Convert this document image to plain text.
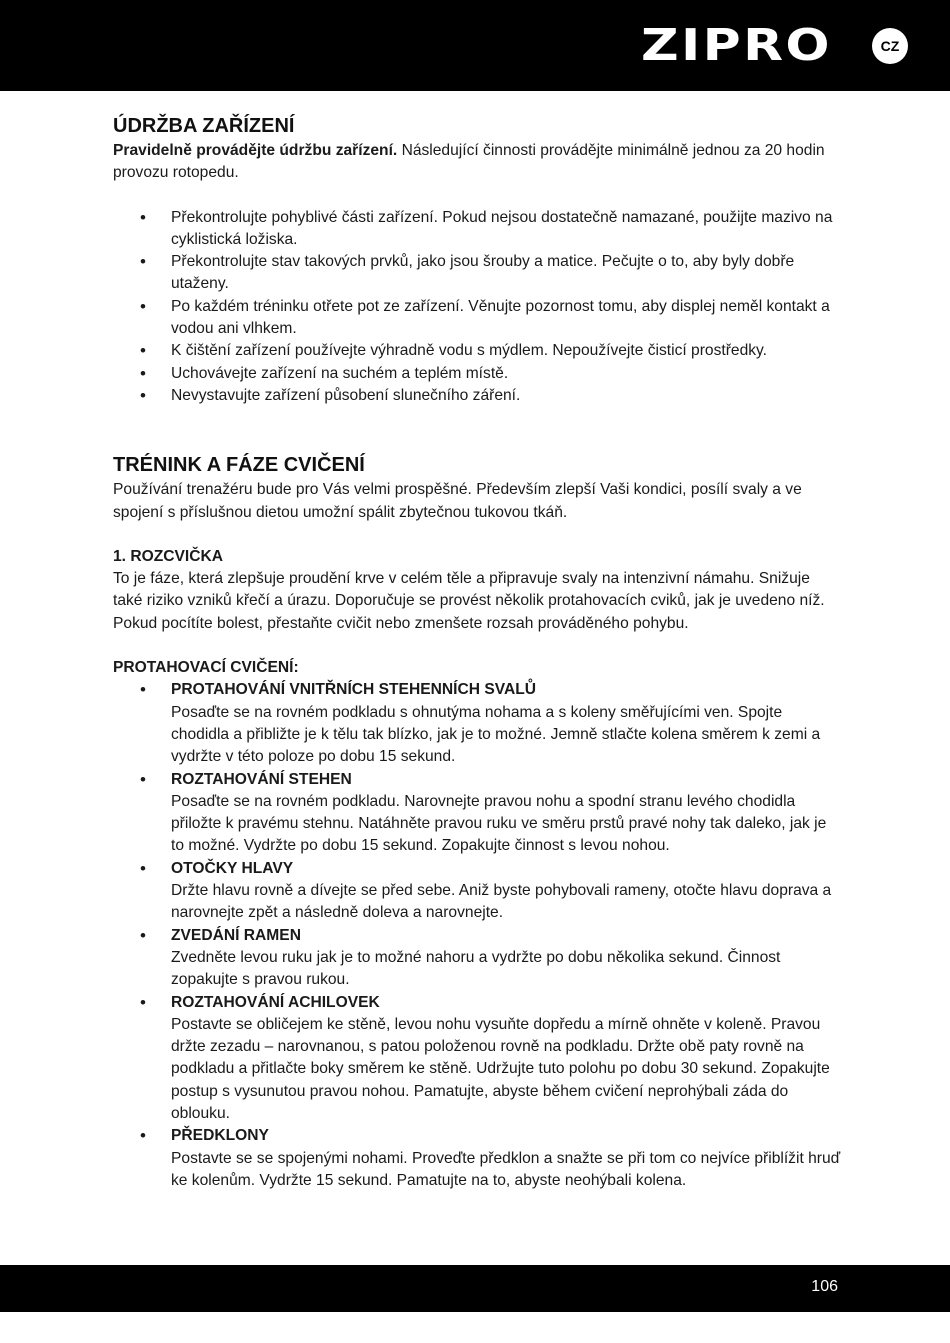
ZIPRO	CZ
ÚDRŽBA ZAŘÍZENÍ

Pravidelně provádějte údržbu zařízení. Následující činnosti provádějte minimálně jednou za 20 hodin provozu rotopedu.

• Překontrolujte pohyblivé části zařízení. Pokud nejsou dostatečně namazané, použijte mazivo na cyklistická ložiska.
• Překontrolujte stav takových prvků, jako jsou šrouby a matice. Pečujte o to, aby byly dobře utaženy.
• Po každém tréninku otřete pot ze zařízení. Věnujte pozornost tomu, aby displej neměl kontakt a vodou ani vlhkem.
• K čištění zařízení používejte výhradně vodu s mýdlem. Nepoužívejte čisticí prostředky.
• Uchovávejte zařízení na suchém a teplém místě.
• Nevystavujte zařízení působení slunečního záření.
TRÉNINK A FÁZE CVIČENÍ

Používání trenažéru bude pro Vás velmi prospěšné. Především zlepší Vaši kondici, posílí svaly a ve spojení s příslušnou dietou umožní spálit zbytečnou tukovou tkáň.

1. ROZCVIČKA

To je fáze, která zlepšuje proudění krve v celém těle a připravuje svaly na intenzivní námahu. Snižuje také riziko vzniků křečí a úrazu. Doporučuje se provést několik protahovacích cviků, jak je uvedeno níž. Pokud pocítíte bolest, přestaňte cvičit nebo zmenšete rozsah prováděného pohybu.

PROTAHOVACÍ CVIČENÍ:

• PROTAHOVÁNÍ VNITŘNÍCH STEHENNÍCH SVALŮ
Posaďte se na rovném podkladu s ohnutýma nohama a s koleny směřujícími ven. Spojte chodidla a přibližte je k tělu tak blízko, jak je to možné. Jemně stlačte kolena směrem k zemi a vydržte v této poloze po dobu 15 sekund.
• ROZTAHOVÁNÍ STEHEN
Posaďte se na rovném podkladu. Narovnejte pravou nohu a spodní stranu levého chodidla přiložte k pravému stehnu. Natáhněte pravou ruku ve směru prstů pravé nohy tak daleko, jak je to možné. Vydržte po dobu 15 sekund. Zopakujte činnost s levou nohou.
• OTOČKY HLAVY
Držte hlavu rovně a dívejte se před sebe. Aniž byste pohybovali rameny, otočte hlavu doprava a narovnejte zpět a následně doleva a narovnejte.
• ZVEDÁNÍ RAMEN
Zvedněte levou ruku jak je to možné nahoru a vydržte po dobu několika sekund. Činnost zopakujte s pravou rukou.
• ROZTAHOVÁNÍ ACHILOVEK
Postavte se obličejem ke stěně, levou nohu vysuňte dopředu a mírně ohněte v koleně. Pravou držte zezadu – narovnanou, s patou položenou rovně na podkladu. Držte obě paty rovně na podkladu a přitlačte boky směrem ke stěně. Udržujte tuto polohu po dobu 30 sekund. Zopakujte postup s vysunutou pravou nohou. Pamatujte, abyste během cvičení neprohýbali záda do oblouku.
• PŘEDKLONY
Postavte se se spojenými nohami. Proveďte předklon a snažte se při tom co nejvíce přiblížit hruď ke kolenům. Vydržte 15 sekund. Pamatujte na to, abyste neohýbali kolena.
106
